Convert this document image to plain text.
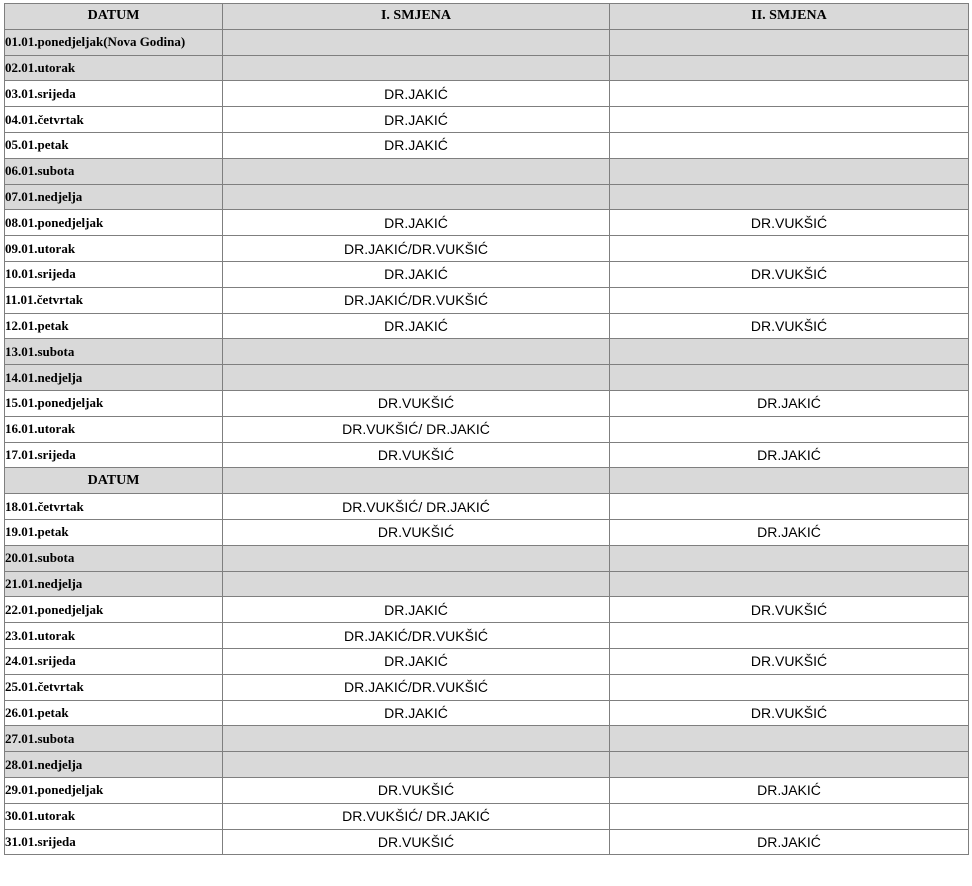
DATUM	I. SMJENA	II. SMJENA
01.01.ponedjeljak(Nova Godina)		
02.01.utorak		
03.01.srijeda	DR.JAKIĆ	
04.01.četvrtak	DR.JAKIĆ	
05.01.petak	DR.JAKIĆ	
06.01.subota		
07.01.nedjelja		
08.01.ponedjeljak	DR.JAKIĆ	DR.VUKŠIĆ
09.01.utorak	DR.JAKIĆ/DR.VUKŠIĆ	
10.01.srijeda	DR.JAKIĆ	DR.VUKŠIĆ
11.01.četvrtak	DR.JAKIĆ/DR.VUKŠIĆ	
12.01.petak	DR.JAKIĆ	DR.VUKŠIĆ
13.01.subota		
14.01.nedjelja		
15.01.ponedjeljak	DR.VUKŠIĆ	DR.JAKIĆ
16.01.utorak	DR.VUKŠIĆ/ DR.JAKIĆ	
17.01.srijeda	DR.VUKŠIĆ	DR.JAKIĆ
DATUM		
18.01.četvrtak	DR.VUKŠIĆ/ DR.JAKIĆ	
19.01.petak	DR.VUKŠIĆ	DR.JAKIĆ
20.01.subota		
21.01.nedjelja		
22.01.ponedjeljak	DR.JAKIĆ	DR.VUKŠIĆ
23.01.utorak	DR.JAKIĆ/DR.VUKŠIĆ	
24.01.srijeda	DR.JAKIĆ	DR.VUKŠIĆ
25.01.četvrtak	DR.JAKIĆ/DR.VUKŠIĆ	
26.01.petak	DR.JAKIĆ	DR.VUKŠIĆ
27.01.subota		
28.01.nedjelja		
29.01.ponedjeljak	DR.VUKŠIĆ	DR.JAKIĆ
30.01.utorak	DR.VUKŠIĆ/ DR.JAKIĆ	
31.01.srijeda	DR.VUKŠIĆ	DR.JAKIĆ
